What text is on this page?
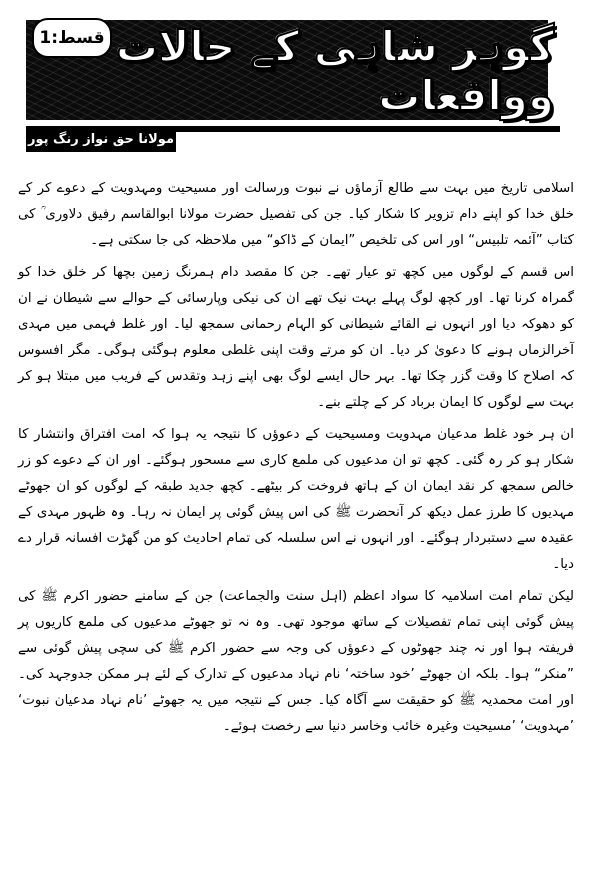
گوہر شاہی کے حالات وواقعات
قسط:1
مولانا حق نواز رنگ پور

اسلامی تاریخ میں بہت سے طالع آزماؤں نے نبوت ورسالت اور مسیحیت ومہدویت کے دعوے کر کے خلق خدا کو اپنے دام تزویر کا شکار کیا۔ جن کی تفصیل حضرت مولانا ابوالقاسم رفیق دلاوری ؒ کی کتاب ”آئمہ تلبیس“ اور اس کی تلخیص ”ایمان کے ڈاکو“ میں ملاحظہ کی جا سکتی ہے۔

اس قسم کے لوگوں میں کچھ تو عیار تھے۔ جن کا مقصد دام ہمرنگ زمین بچھا کر خلق خدا کو گمراہ کرنا تھا۔ اور کچھ لوگ پہلے بہت نیک تھے ان کی نیکی وپارسائی کے حوالے سے شیطان نے ان کو دھوکہ دیا اور انہوں نے القائے شیطانی کو الہام رحمانی سمجھ لیا۔ اور غلط فہمی میں مہدی آخرالزماں ہونے کا دعویٰ کر دیا۔ ان کو مرتے وقت اپنی غلطی معلوم ہوگئی ہوگی۔ مگر افسوس کہ اصلاح کا وقت گزر چکا تھا۔ بہر حال ایسے لوگ بھی اپنے زہد وتقدس کے فریب میں مبتلا ہو کر بہت سے لوگوں کا ایمان برباد کر کے چلتے بنے۔

ان ہر خود غلط مدعیان مہدویت ومسیحیت کے دعوؤں کا نتیجہ یہ ہوا کہ امت افتراق وانتشار کا شکار ہو کر رہ گئی۔ کچھ تو ان مدعیوں کی ملمع کاری سے مسحور ہوگئے۔ اور ان کے دعوے کو زر خالص سمجھ کر نقد ایمان ان کے ہاتھ فروخت کر بیٹھے۔ کچھ جدید طبقہ کے لوگوں کو ان جھوٹے مہدیوں کا طرز عمل دیکھ کر آنحضرت ﷺ کی اس پیش گوئی پر ایمان نہ رہا۔ وہ ظہور مہدی کے عقیدہ سے دستبردار ہوگئے۔ اور انہوں نے اس سلسلہ کی تمام احادیث کو من گھڑت افسانہ قرار دے دیا۔

لیکن تمام امت اسلامیہ کا سواد اعظم (اہل سنت والجماعت) جن کے سامنے حضور اکرم ﷺ کی پیش گوئی اپنی تمام تفصیلات کے ساتھ موجود تھی۔ وہ نہ تو جھوٹے مدعیوں کی ملمع کاریوں پر فریفتہ ہوا اور نہ چند جھوٹوں کے دعوؤں کی وجہ سے حضور اکرم ﷺ کی سچی پیش گوئی سے ”منکر“ ہوا۔ بلکہ ان جھوٹے ’خود ساختہ‘ نام نہاد مدعیوں کے تدارک کے لئے ہر ممکن جدوجہد کی۔ اور امت محمدیہ ﷺ کو حقیقت سے آگاہ کیا۔ جس کے نتیجہ میں یہ جھوٹے ’نام نہاد مدعیان نبوت‘ ’مہدویت‘ ’مسیحیت وغیرہ خائب وخاسر دنیا سے رخصت ہوئے۔
